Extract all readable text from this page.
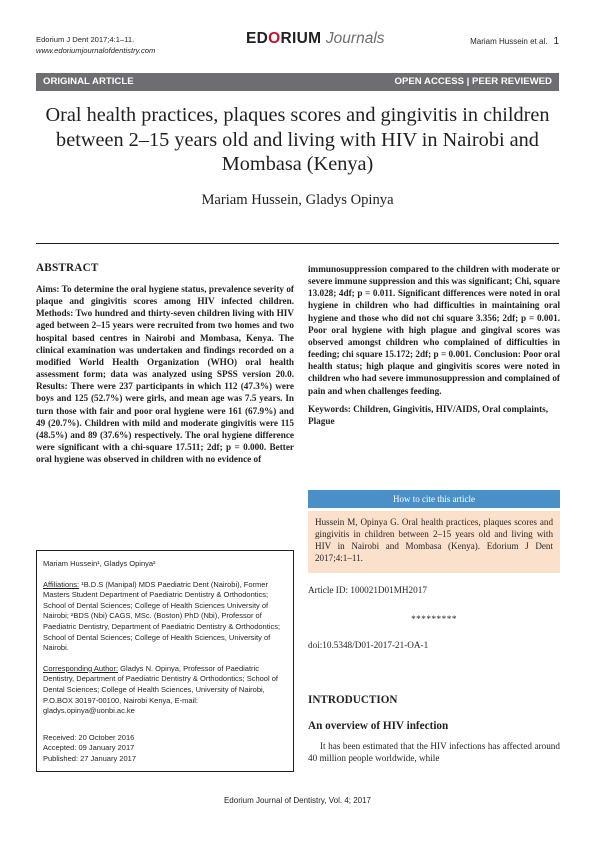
Edorium J Dent 2017;4:1–11.
www.edoriumjournalofdentistry.com
EDORIUM Journals	Mariam Hussein et al. 1
ORIGINAL ARTICLE	OPEN ACCESS | PEER REVIEWED
Oral health practices, plaques scores and gingivitis in children between 2–15 years old and living with HIV in Nairobi and Mombasa (Kenya)
Mariam Hussein, Gladys Opinya
ABSTRACT
Aims: To determine the oral hygiene status, prevalence severity of plaque and gingivitis scores among HIV infected children. Methods: Two hundred and thirty-seven children living with HIV aged between 2–15 years were recruited from two homes and two hospital based centres in Nairobi and Mombasa, Kenya. The clinical examination was undertaken and findings recorded on a modified World Health Organization (WHO) oral health assessment form; data was analyzed using SPSS version 20.0. Results: There were 237 participants in which 112 (47.3%) were boys and 125 (52.7%) were girls, and mean age was 7.5 years. In turn those with fair and poor oral hygiene were 161 (67.9%) and 49 (20.7%). Children with mild and moderate gingivitis were 115 (48.5%) and 89 (37.6%) respectively. The oral hygiene difference were significant with a chi-square 17.511; 2df; p = 0.000. Better oral hygiene was observed in children with no evidence of

Mariam Hussein¹, Gladys Opinya²

Affiliations: ¹B.D.S (Manipal) MDS Paediatric Dent (Nairobi), Former Masters Student Department of Paediatric Dentistry & Orthodontics; School of Dental Sciences; College of Health Sciences University of Nairobi; ²BDS (Nbi) CAGS, MSc. (Boston) PhD (Nbi), Professor of Paediatric Dentistry, Department of Paediatric Dentistry & Orthodontics; School of Dental Sciences; College of Health Sciences, University of Nairobi.

Corresponding Author: Gladys N. Opinya, Professor of Paediatric Dentistry, Department of Paediatric Dentistry & Orthodontics; School of Dental Sciences; College of Health Sciences, University of Nairobi, P.O.BOX 30197-00100, Nairobi Kenya, E-mail: gladys.opinya@uonbi.ac.ke

Received: 20 October 2016
Accepted: 09 January 2017
Published: 27 January 2017
immunosuppression compared to the children with moderate or severe immune suppression and this was significant; Chi, square 13.028; 4df; p = 0.011. Significant differences were noted in oral hygiene in children who had difficulties in maintaining oral hygiene and those who did not chi square 3.356; 2df; p = 0.001. Poor oral hygiene with high plague and gingival scores was observed amongst children who complained of difficulties in feeding; chi square 15.172; 2df; p = 0.001. Conclusion: Poor oral health status; high plaque and gingivitis scores were noted in children who had severe immunosuppression and complained of pain and when challenges feeding.
Keywords: Children, Gingivitis, HIV/AIDS, Oral complaints, Plague
How to cite this article
Hussein M, Opinya G. Oral health practices, plaques scores and gingivitis in children between 2–15 years old and living with HIV in Nairobi and Mombasa (Kenya). Edorium J Dent 2017;4:1–11.
Article ID: 100021D01MH2017
*********
doi:10.5348/D01-2017-21-OA-1
INTRODUCTION
An overview of HIV infection
It has been estimated that the HIV infections has affected around 40 million people worldwide, while
Edorium Journal of Dentistry, Vol. 4; 2017
